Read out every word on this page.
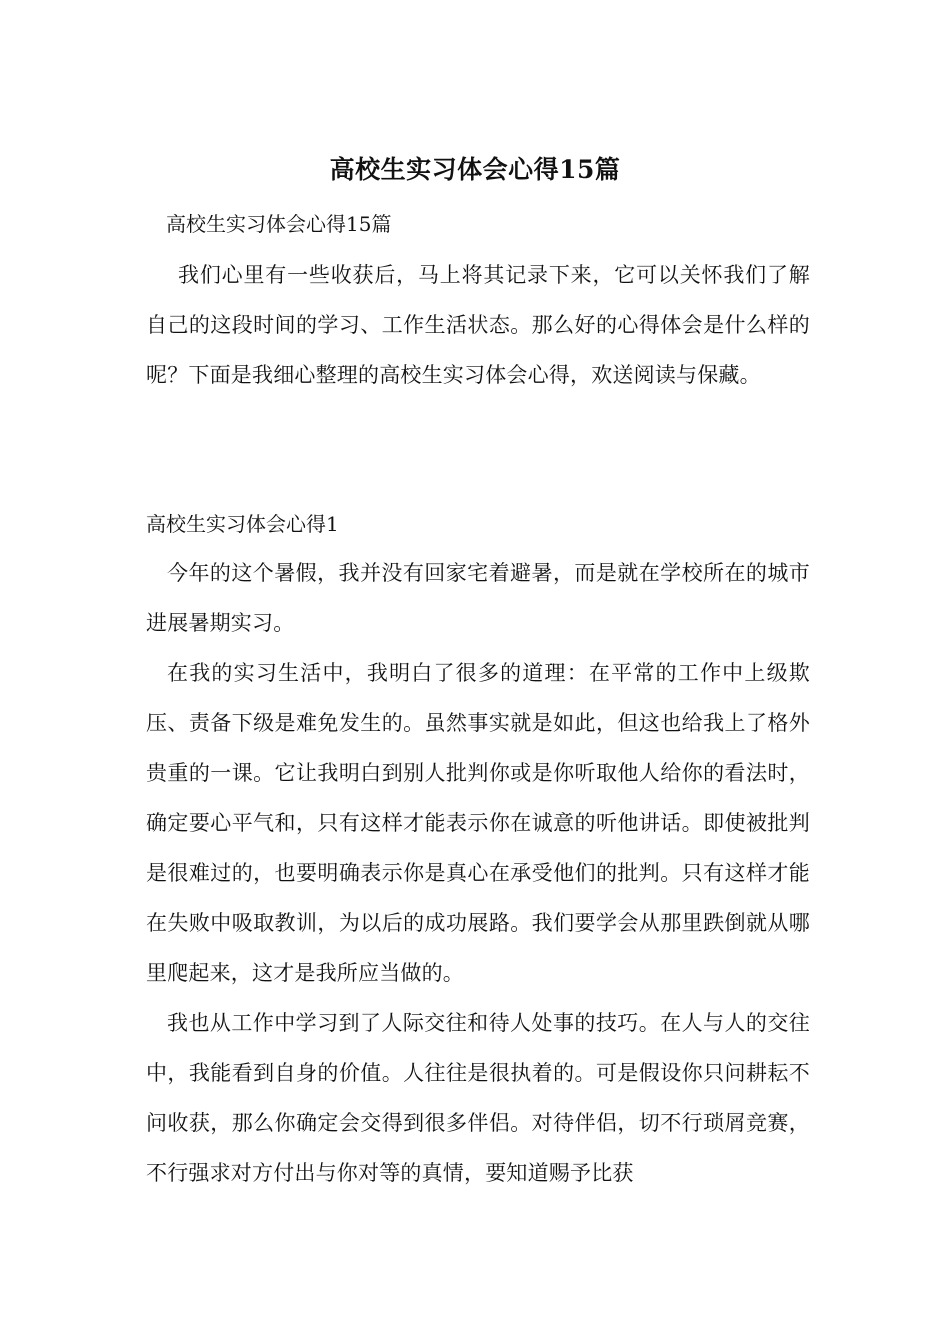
高校生实习体会心得15篇
高校生实习体会心得15篇

我们心里有一些收获后，马上将其记录下来，它可以关怀我们了解自己的这段时间的学习、工作生活状态。那么好的心得体会是什么样的呢？下面是我细心整理的高校生实习体会心得，欢送阅读与保藏。

高校生实习体会心得1

今年的这个暑假，我并没有回家宅着避暑，而是就在学校所在的城市进展暑期实习。

在我的实习生活中，我明白了很多的道理：在平常的工作中上级欺压、责备下级是难免发生的。虽然事实就是如此，但这也给我上了格外贵重的一课。它让我明白到别人批判你或是你听取他人给你的看法时，确定要心平气和，只有这样才能表示你在诚意的听他讲话。即使被批判是很难过的，也要明确表示你是真心在承受他们的批判。只有这样才能在失败中吸取教训，为以后的成功展路。我们要学会从那里跌倒就从哪里爬起来，这才是我所应当做的。

我也从工作中学习到了人际交往和待人处事的技巧。在人与人的交往中，我能看到自身的价值。人往往是很执着的。可是假设你只问耕耘不问收获，那么你确定会交得到很多伴侣。对待伴侣，切不行琐屑竞赛，不行强求对方付出与你对等的真情，要知道赐予比获
